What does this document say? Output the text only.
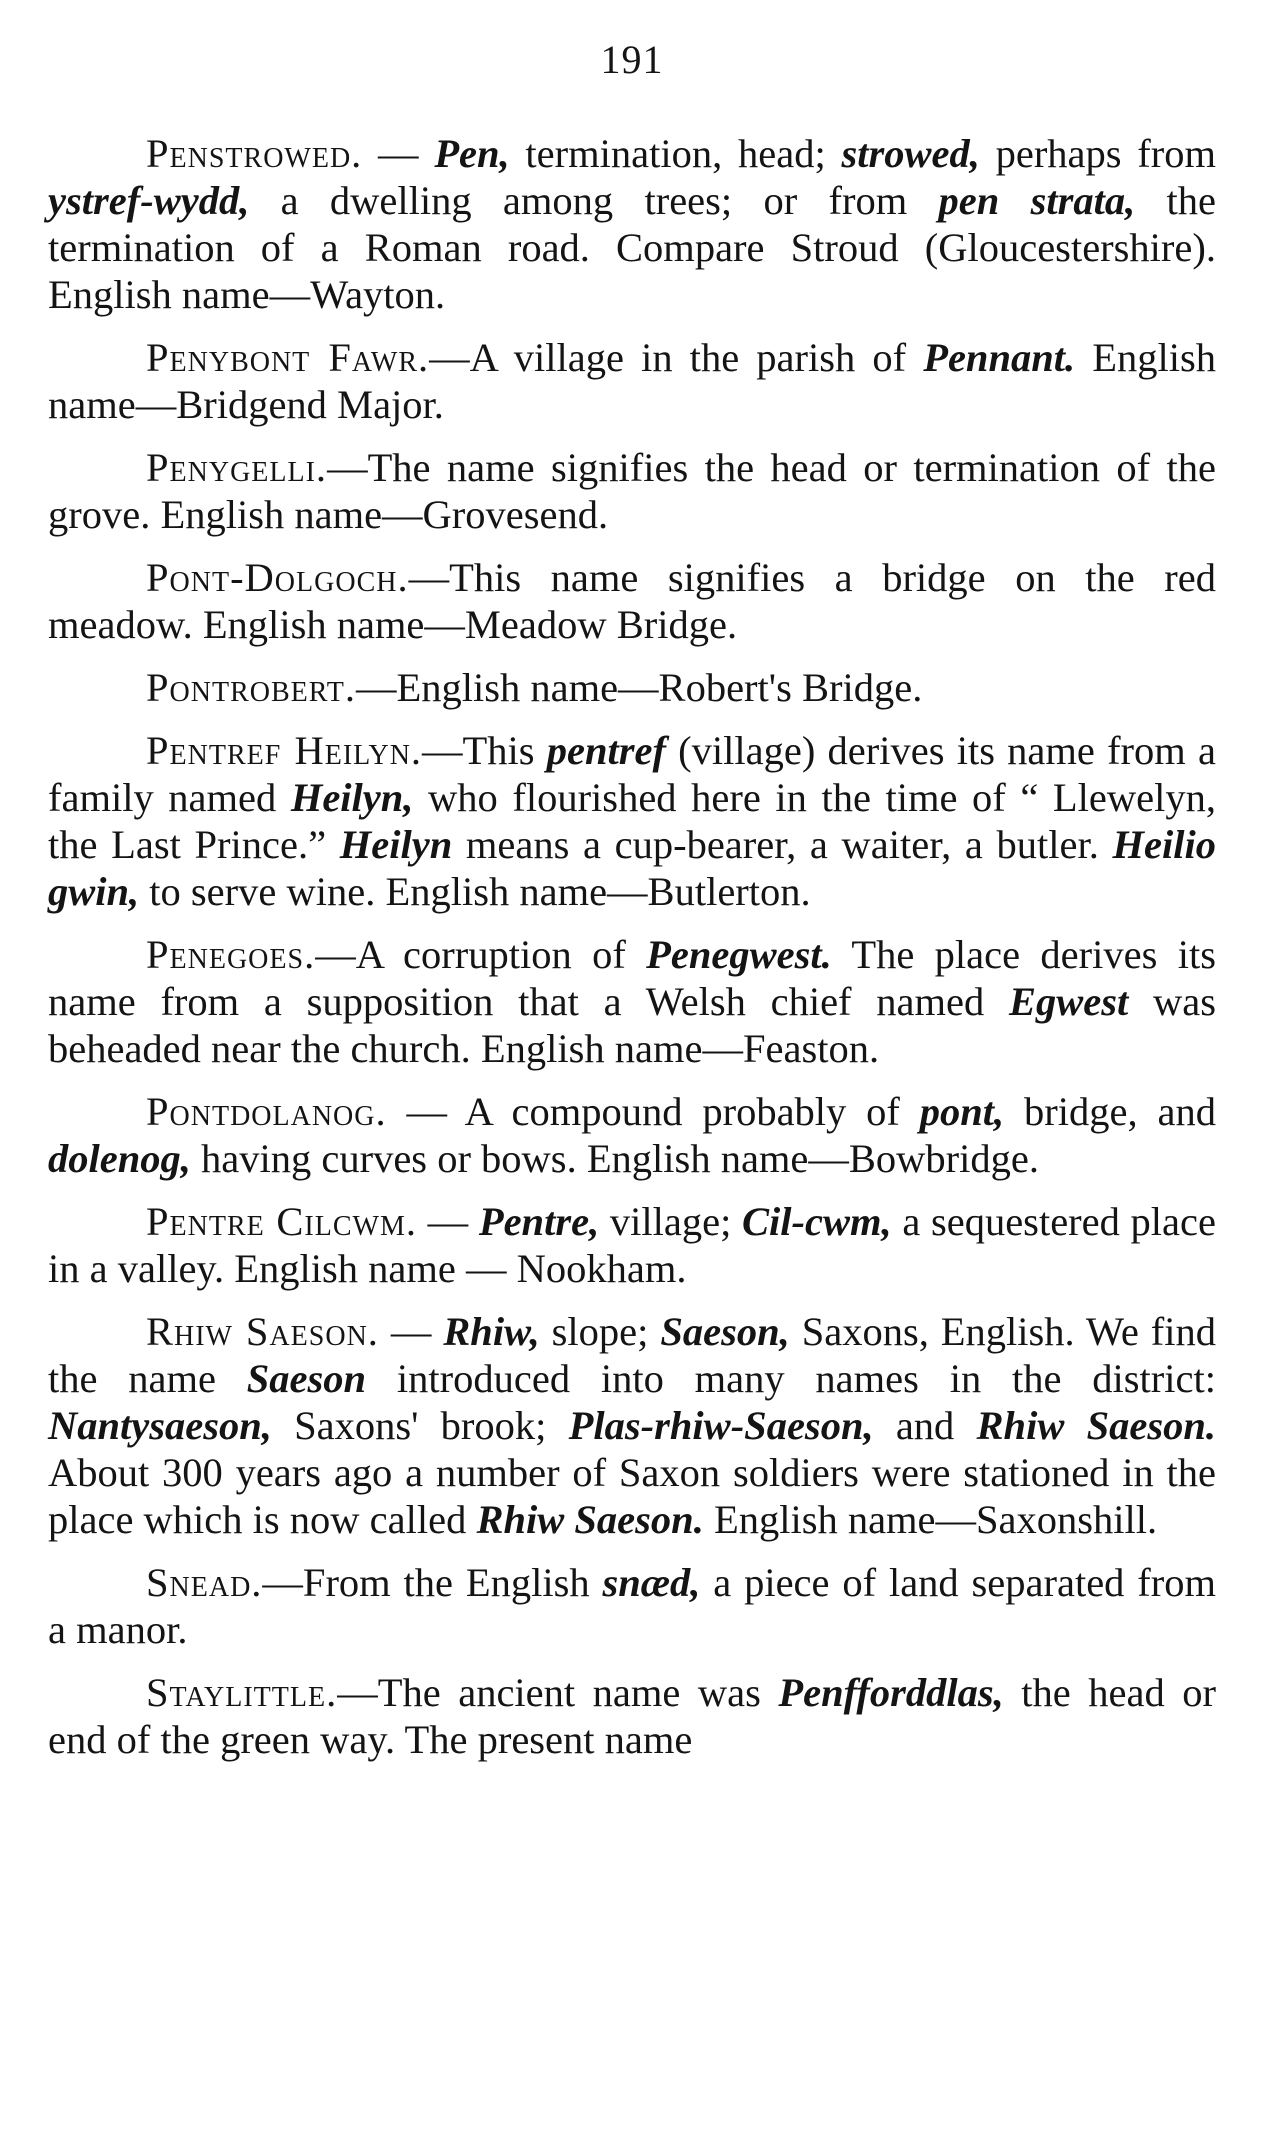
191

Penstrowed. — Pen, termination, head; strowed, perhaps from ystref-wydd, a dwelling among trees; or from pen strata, the termination of a Roman road. Compare Stroud (Gloucestershire). English name—Wayton.

Penybont Fawr.—A village in the parish of Pennant. English name—Bridgend Major.

Penygelli.—The name signifies the head or termination of the grove. English name—Grovesend.

Pont-Dolgoch.—This name signifies a bridge on the red meadow. English name—Meadow Bridge.

Pontrobert.—English name—Robert's Bridge.

Pentref Heilyn.—This pentref (village) derives its name from a family named Heilyn, who flourished here in the time of “ Llewelyn, the Last Prince.” Heilyn means a cup-bearer, a waiter, a butler. Heilio gwin, to serve wine. English name—Butlerton.

Penegoes.—A corruption of Penegwest. The place derives its name from a supposition that a Welsh chief named Egwest was beheaded near the church. English name—Feaston.

Pontdolanog. — A compound probably of pont, bridge, and dolenog, having curves or bows. English name—Bowbridge.

Pentre Cilcwm. — Pentre, village; Cil-cwm, a sequestered place in a valley. English name — Nookham.

Rhiw Saeson. — Rhiw, slope; Saeson, Saxons, English. We find the name Saeson introduced into many names in the district: Nantysaeson, Saxons' brook; Plas-rhiw-Saeson, and Rhiw Saeson. About 300 years ago a number of Saxon soldiers were stationed in the place which is now called Rhiw Saeson. English name—Saxonshill.

Snead.—From the English snæd, a piece of land separated from a manor.

Staylittle.—The ancient name was Penfforddlas, the head or end of the green way. The present name
